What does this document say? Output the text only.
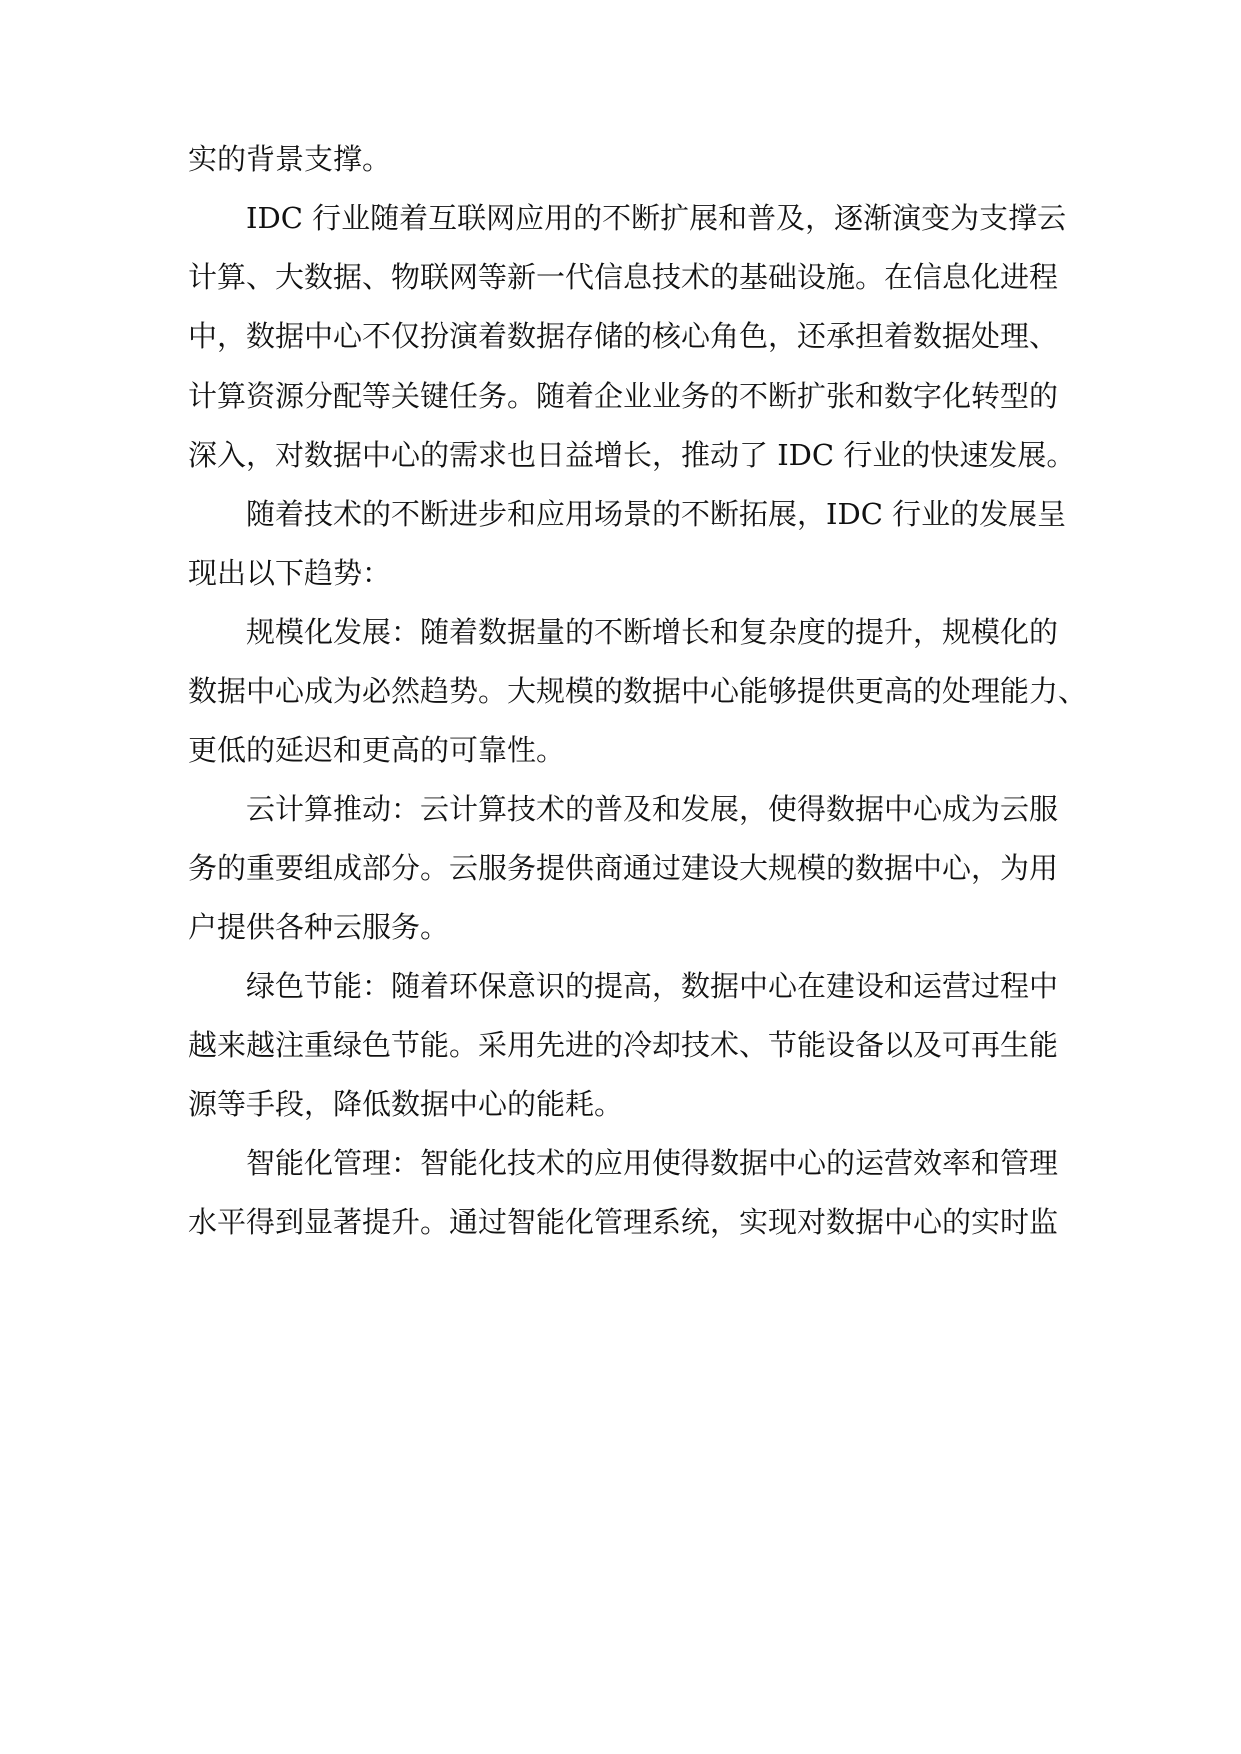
实的背景支撑。
IDC 行业随着互联网应用的不断扩展和普及，逐渐演变为支撑云
计算、大数据、物联网等新一代信息技术的基础设施。在信息化进程
中，数据中心不仅扮演着数据存储的核心角色，还承担着数据处理、
计算资源分配等关键任务。随着企业业务的不断扩张和数字化转型的
深入，对数据中心的需求也日益增长，推动了 IDC 行业的快速发展。
随着技术的不断进步和应用场景的不断拓展，IDC 行业的发展呈
现出以下趋势：
规模化发展：随着数据量的不断增长和复杂度的提升，规模化的
数据中心成为必然趋势。大规模的数据中心能够提供更高的处理能力、
更低的延迟和更高的可靠性。
云计算推动：云计算技术的普及和发展，使得数据中心成为云服
务的重要组成部分。云服务提供商通过建设大规模的数据中心，为用
户提供各种云服务。
绿色节能：随着环保意识的提高，数据中心在建设和运营过程中
越来越注重绿色节能。采用先进的冷却技术、节能设备以及可再生能
源等手段，降低数据中心的能耗。
智能化管理：智能化技术的应用使得数据中心的运营效率和管理
水平得到显著提升。通过智能化管理系统，实现对数据中心的实时监
